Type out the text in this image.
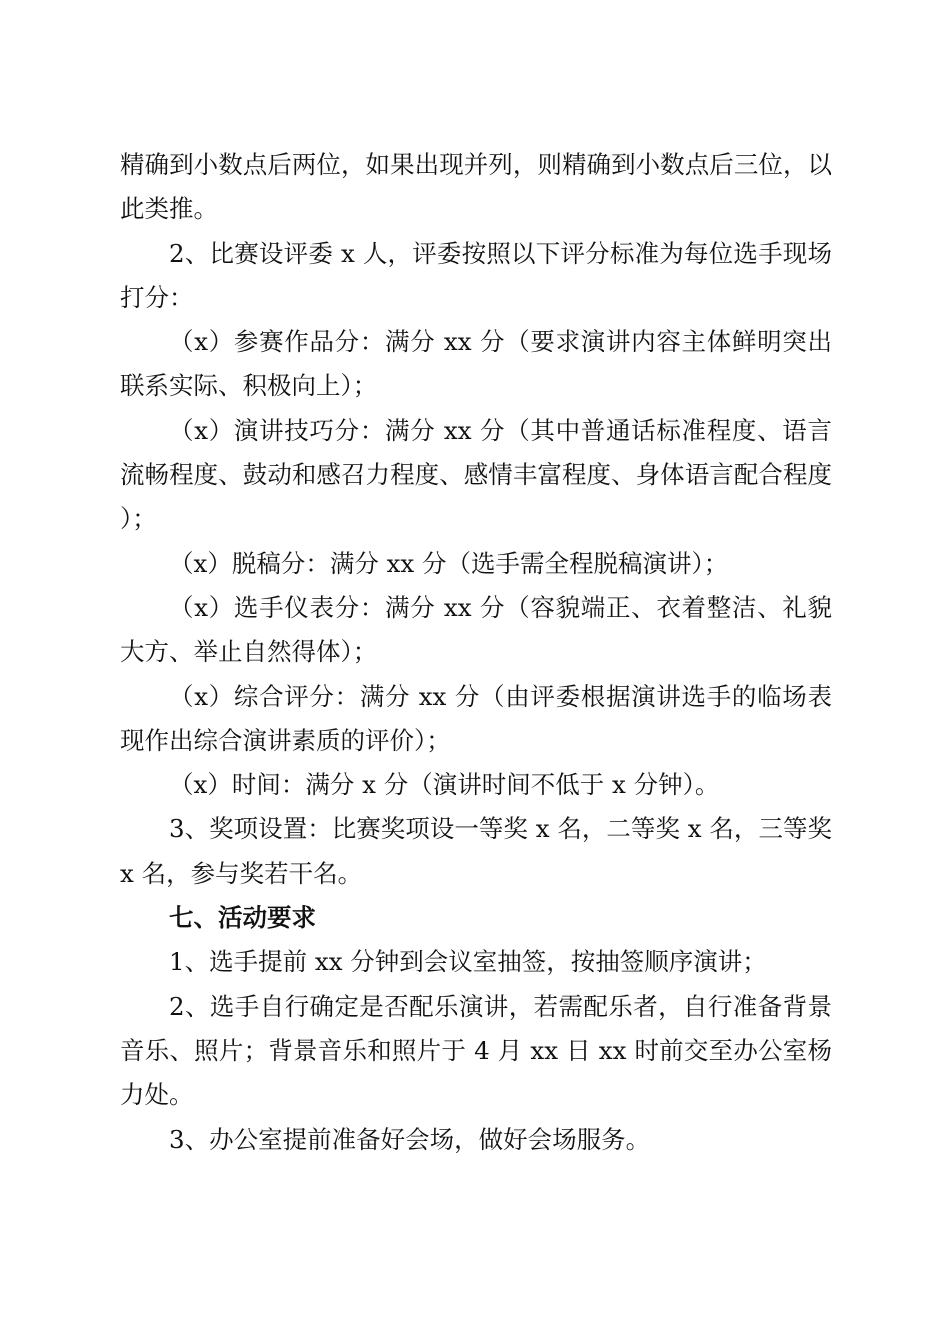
精确到小数点后两位，如果出现并列，则精确到小数点后三位，以此类推。

2、比赛设评委 x 人，评委按照以下评分标准为每位选手现场打分：

（x）参赛作品分：满分 xx 分（要求演讲内容主体鲜明突出联系实际、积极向上）；

（x）演讲技巧分：满分 xx 分（其中普通话标准程度、语言流畅程度、鼓动和感召力程度、感情丰富程度、身体语言配合程度）；

（x）脱稿分：满分 xx 分（选手需全程脱稿演讲）；

（x）选手仪表分：满分 xx 分（容貌端正、衣着整洁、礼貌大方、举止自然得体）；

（x）综合评分：满分 xx 分（由评委根据演讲选手的临场表现作出综合演讲素质的评价）；

（x）时间：满分 x 分（演讲时间不低于 x 分钟）。

3、奖项设置：比赛奖项设一等奖 x 名，二等奖 x 名，三等奖 x 名，参与奖若干名。

七、活动要求

1、选手提前 xx 分钟到会议室抽签，按抽签顺序演讲；

2、选手自行确定是否配乐演讲，若需配乐者，自行准备背景音乐、照片；背景音乐和照片于 4 月 xx 日 xx 时前交至办公室杨力处。

3、办公室提前准备好会场，做好会场服务。
